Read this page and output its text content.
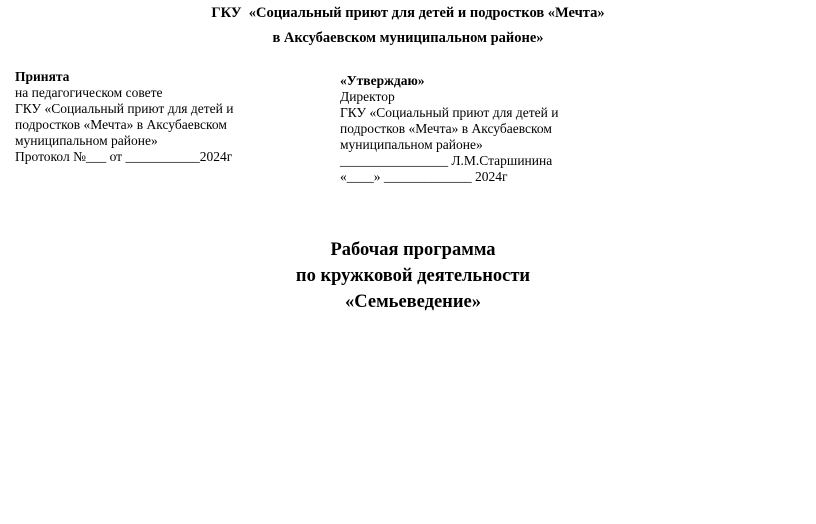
ГКУ  «Социальный приют для детей и подростков «Мечта»
в Аксубаевском муниципальном районе»
Принята
на педагогическом совете
ГКУ «Социальный приют для детей и
подростков «Мечта» в Аксубаевском
муниципальном районе»
Протокол №___ от ___________2024г
«Утверждаю»
Директор
ГКУ «Социальный приют для детей и
подростков «Мечта» в Аксубаевском
муниципальном районе»
________________ Л.М.Старшинина
«____» _____________ 2024г
Рабочая программа
по кружковой деятельности
«Семьеведение»
